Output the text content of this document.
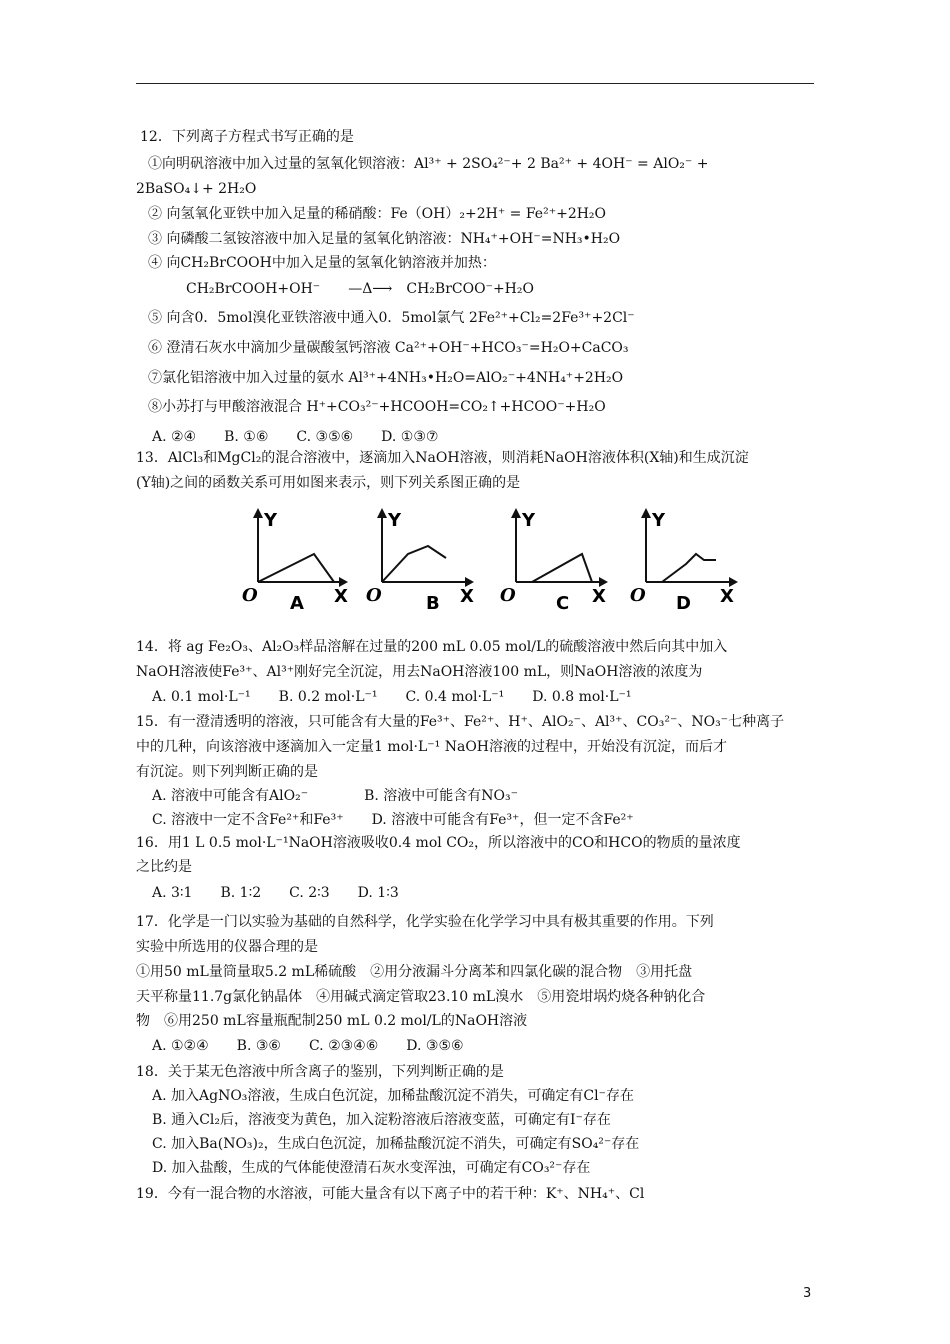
12．下列离子方程式书写正确的是
①向明矾溶液中加入过量的氢氧化钡溶液：Al³⁺ + 2SO₄²⁻+ 2 Ba²⁺ + 4OH⁻ = AlO₂⁻ +
2BaSO₄↓+ 2H₂O
② 向氢氧化亚铁中加入足量的稀硝酸：Fe（OH）₂+2H⁺ = Fe²⁺+2H₂O
③ 向磷酸二氢铵溶液中加入足量的氢氧化钠溶液：NH₄⁺+OH⁻=NH₃•H₂O
④ 向CH₂BrCOOH中加入足量的氢氧化钠溶液并加热：
CH₂BrCOOH+OH⁻　　—Δ⟶　CH₂BrCOO⁻+H₂O
⑤ 向含0．5mol溴化亚铁溶液中通入0．5mol氯气 2Fe²⁺+Cl₂=2Fe³⁺+2Cl⁻
⑥ 澄清石灰水中滴加少量碳酸氢钙溶液 Ca²⁺+OH⁻+HCO₃⁻=H₂O+CaCO₃
⑦氯化铝溶液中加入过量的氨水 Al³⁺+4NH₃•H₂O=AlO₂⁻+4NH₄⁺+2H₂O
⑧小苏打与甲酸溶液混合 H⁺+CO₃²⁻+HCOOH=CO₂↑+HCOO⁻+H₂O
A. ②④　　B. ①⑥　　C. ③⑤⑥　　D. ①③⑦
13．AlCl₃和MgCl₂的混合溶液中，逐滴加入NaOH溶液，则消耗NaOH溶液体积(X轴)和生成沉淀
(Y轴)之间的函数关系可用如图来表示，则下列关系图正确的是
Y
O	X
A
Y
O	X
B
Y
O	X
C
Y
O	X
D
14．将 ag Fe₂O₃、Al₂O₃样品溶解在过量的200 mL 0.05 mol/L的硫酸溶液中然后向其中加入
NaOH溶液使Fe³⁺、Al³⁺刚好完全沉淀，用去NaOH溶液100 mL，则NaOH溶液的浓度为
A. 0.1 mol·L⁻¹　　B. 0.2 mol·L⁻¹　　C. 0.4 mol·L⁻¹　　D. 0.8 mol·L⁻¹
15．有一澄清透明的溶液，只可能含有大量的Fe³⁺、Fe²⁺、H⁺、AlO₂⁻、Al³⁺、CO₃²⁻、NO₃⁻七种离子
中的几种，向该溶液中逐滴加入一定量1 mol·L⁻¹ NaOH溶液的过程中，开始没有沉淀，而后才
有沉淀。则下列判断正确的是
A. 溶液中可能含有AlO₂⁻　　　　B. 溶液中可能含有NO₃⁻
C. 溶液中一定不含Fe²⁺和Fe³⁺　　D. 溶液中可能含有Fe³⁺，但一定不含Fe²⁺
16．用1 L 0.5 mol·L⁻¹NaOH溶液吸收0.4 mol CO₂，所以溶液中的CO和HCO的物质的量浓度
之比约是
A. 3∶1　　B. 1∶2　　C. 2∶3　　D. 1∶3
17．化学是一门以实验为基础的自然科学，化学实验在化学学习中具有极其重要的作用。下列
实验中所选用的仪器合理的是
①用50 mL量筒量取5.2 mL稀硫酸　②用分液漏斗分离苯和四氯化碳的混合物　③用托盘
天平称量11.7g氯化钠晶体　④用碱式滴定管取23.10 mL溴水　⑤用瓷坩埚灼烧各种钠化合
物　⑥用250 mL容量瓶配制250 mL 0.2 mol/L的NaOH溶液
A. ①②④　　B. ③⑥　　C. ②③④⑥　　D. ③⑤⑥
18．关于某无色溶液中所含离子的鉴别，下列判断正确的是
A. 加入AgNO₃溶液，生成白色沉淀，加稀盐酸沉淀不消失，可确定有Cl⁻存在
B. 通入Cl₂后，溶液变为黄色，加入淀粉溶液后溶液变蓝，可确定有I⁻存在
C. 加入Ba(NO₃)₂，生成白色沉淀，加稀盐酸沉淀不消失，可确定有SO₄²⁻存在
D. 加入盐酸，生成的气体能使澄清石灰水变浑浊，可确定有CO₃²⁻存在
19．今有一混合物的水溶液，可能大量含有以下离子中的若干种：K⁺、NH₄⁺、Cl
3
